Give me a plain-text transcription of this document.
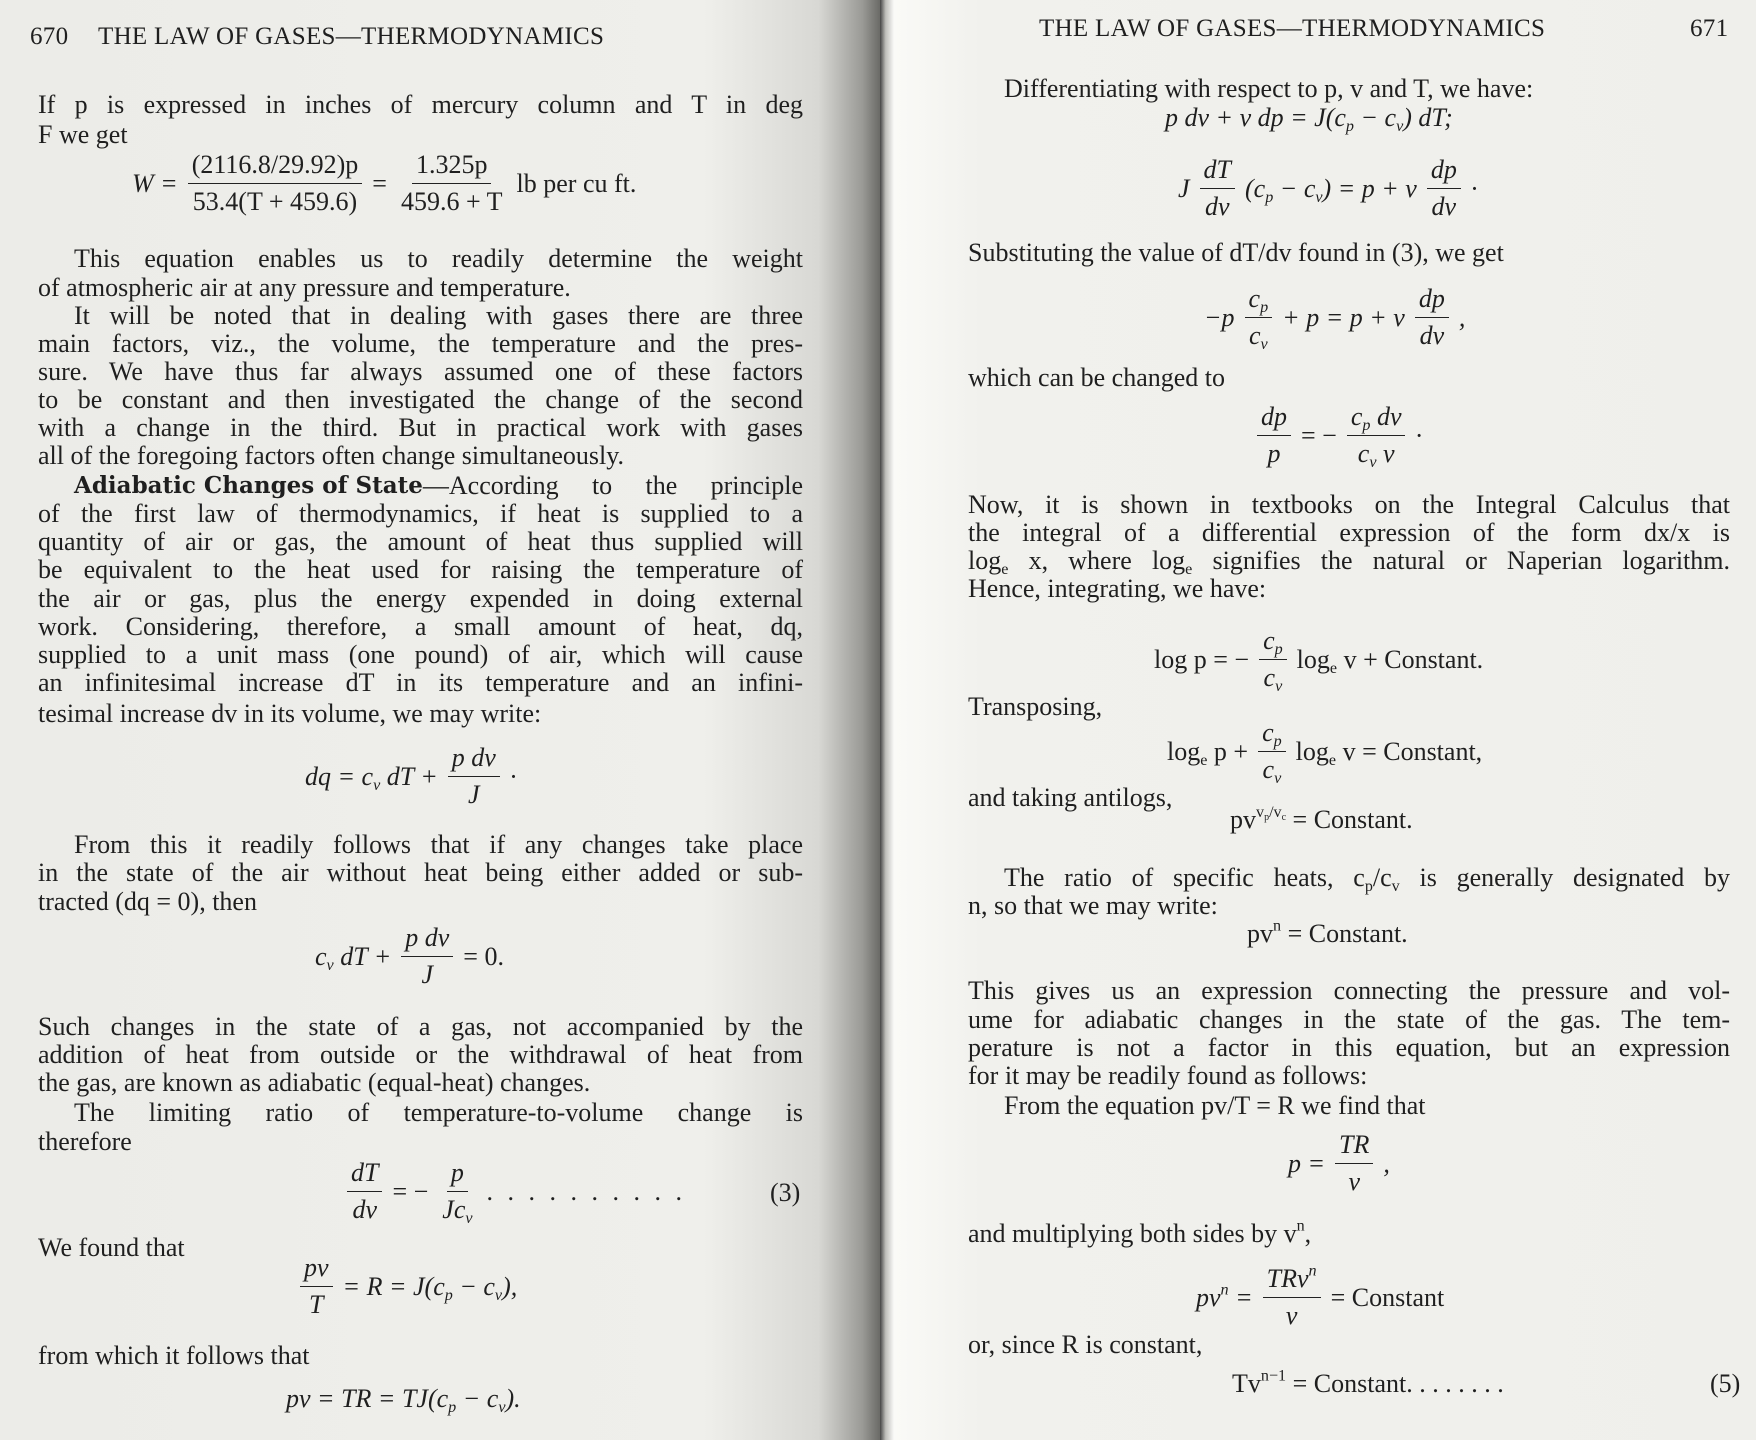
670 THE LAW OF GASES—THERMODYNAMICS
If p is expressed in inches of mercury column and T in deg
F we get
$W = \frac{(2116.8/29.92)p}{53.4(T + 459.6)} = \frac{1.325p}{459.6 + T}$ lb per cu ft.
This equation enables us to readily determine the weight
of atmospheric air at any pressure and temperature.
It will be noted that in dealing with gases there are three
main factors, viz., the volume, the temperature and the pres-
sure. We have thus far always assumed one of these factors
to be constant and then investigated the change of the second
with a change in the third. But in practical work with gases
all of the foregoing factors often change simultaneously.
Adiabatic Changes of State —According to the principle
of the first law of thermodynamics, if heat is supplied to a
quantity of air or gas, the amount of heat thus supplied will
be equivalent to the heat used for raising the temperature of
the air or gas, plus the energy expended in doing external
work. Considering, therefore, a small amount of heat, dq,
supplied to a unit mass (one pound) of air, which will cause
an infinitesimal increase dT in its temperature and an infini-
tesimal increase dv in its volume, we may write:
dq = $c_v$ dT + $\frac{\text{p dv}}{J}$ ·
From this it readily follows that if any changes take place
in the state of the air without heat being either added or sub-
tracted (dq = 0), then
$c_v$ dT + $\frac{\text{p dv}}{J} = 0$.
Such changes in the state of a gas, not accompanied by the
addition of heat from outside or the withdrawal of heat from
the gas, are known as adiabatic (equal-heat) changes.
The limiting ratio of temperature-to-volume change is
therefore
$\frac{dT}{dv}$ = − $\frac{p}{Jc_v}$ . . . . . . . . . .	(3)
We found that
$\frac{pv}{T} = R = J(c_p - c_v)$,
from which it follows that
pv = TR = $TJ(c_p - c_v)$.
THE LAW OF GASES—THERMODYNAMICS	671
Differentiating with respect to p, v and T, we have:
p dv + v dp = $J(c_p - c_v)$ dT;
J $\frac{dT}{dv} (c_p - c_v) = p + v \frac{dp}{dv}$ ·
Substituting the value of dT/dv found in (3), we get
$-p \frac{c_p}{c_v} + p = p + v \frac{dp}{dv}$ ,
which can be changed to
$\frac{dp}{p}$ = − $\frac{c_p dv}{c_v v}$ ·
Now, it is shown in textbooks on the Integral Calculus that
the integral of a differential expression of the form dx/x is
$\log_e x$, where $\log_e$ signifies the natural or Naperian logarithm.
Hence, integrating, we have:
log p = − $\frac{c_p}{c_v} \log_e v$ + Constant.
Transposing,
$\log_e p + \frac{c_p}{c_v} \log_e v$ = Constant,
and taking antilogs,
$pv^{v_p/v_c}$ = Constant.
The ratio of specific heats, $c_p/c_v$ is generally designated by
n, so that we may write:
$pv^n$ = Constant.
This gives us an expression connecting the pressure and vol-
ume for adiabatic changes in the state of the gas. The tem-
perature is not a factor in this equation, but an expression
for it may be readily found as follows:
From the equation pv/T = R we find that
$p = \frac{TR}{v}$ ,
and multiplying both sides by $v^n$,
$pv^n = \frac{TRv^n}{v}$ = Constant
or, since R is constant,
$Tv^{n-1}$ = Constant. . . . . . . .	(5)
